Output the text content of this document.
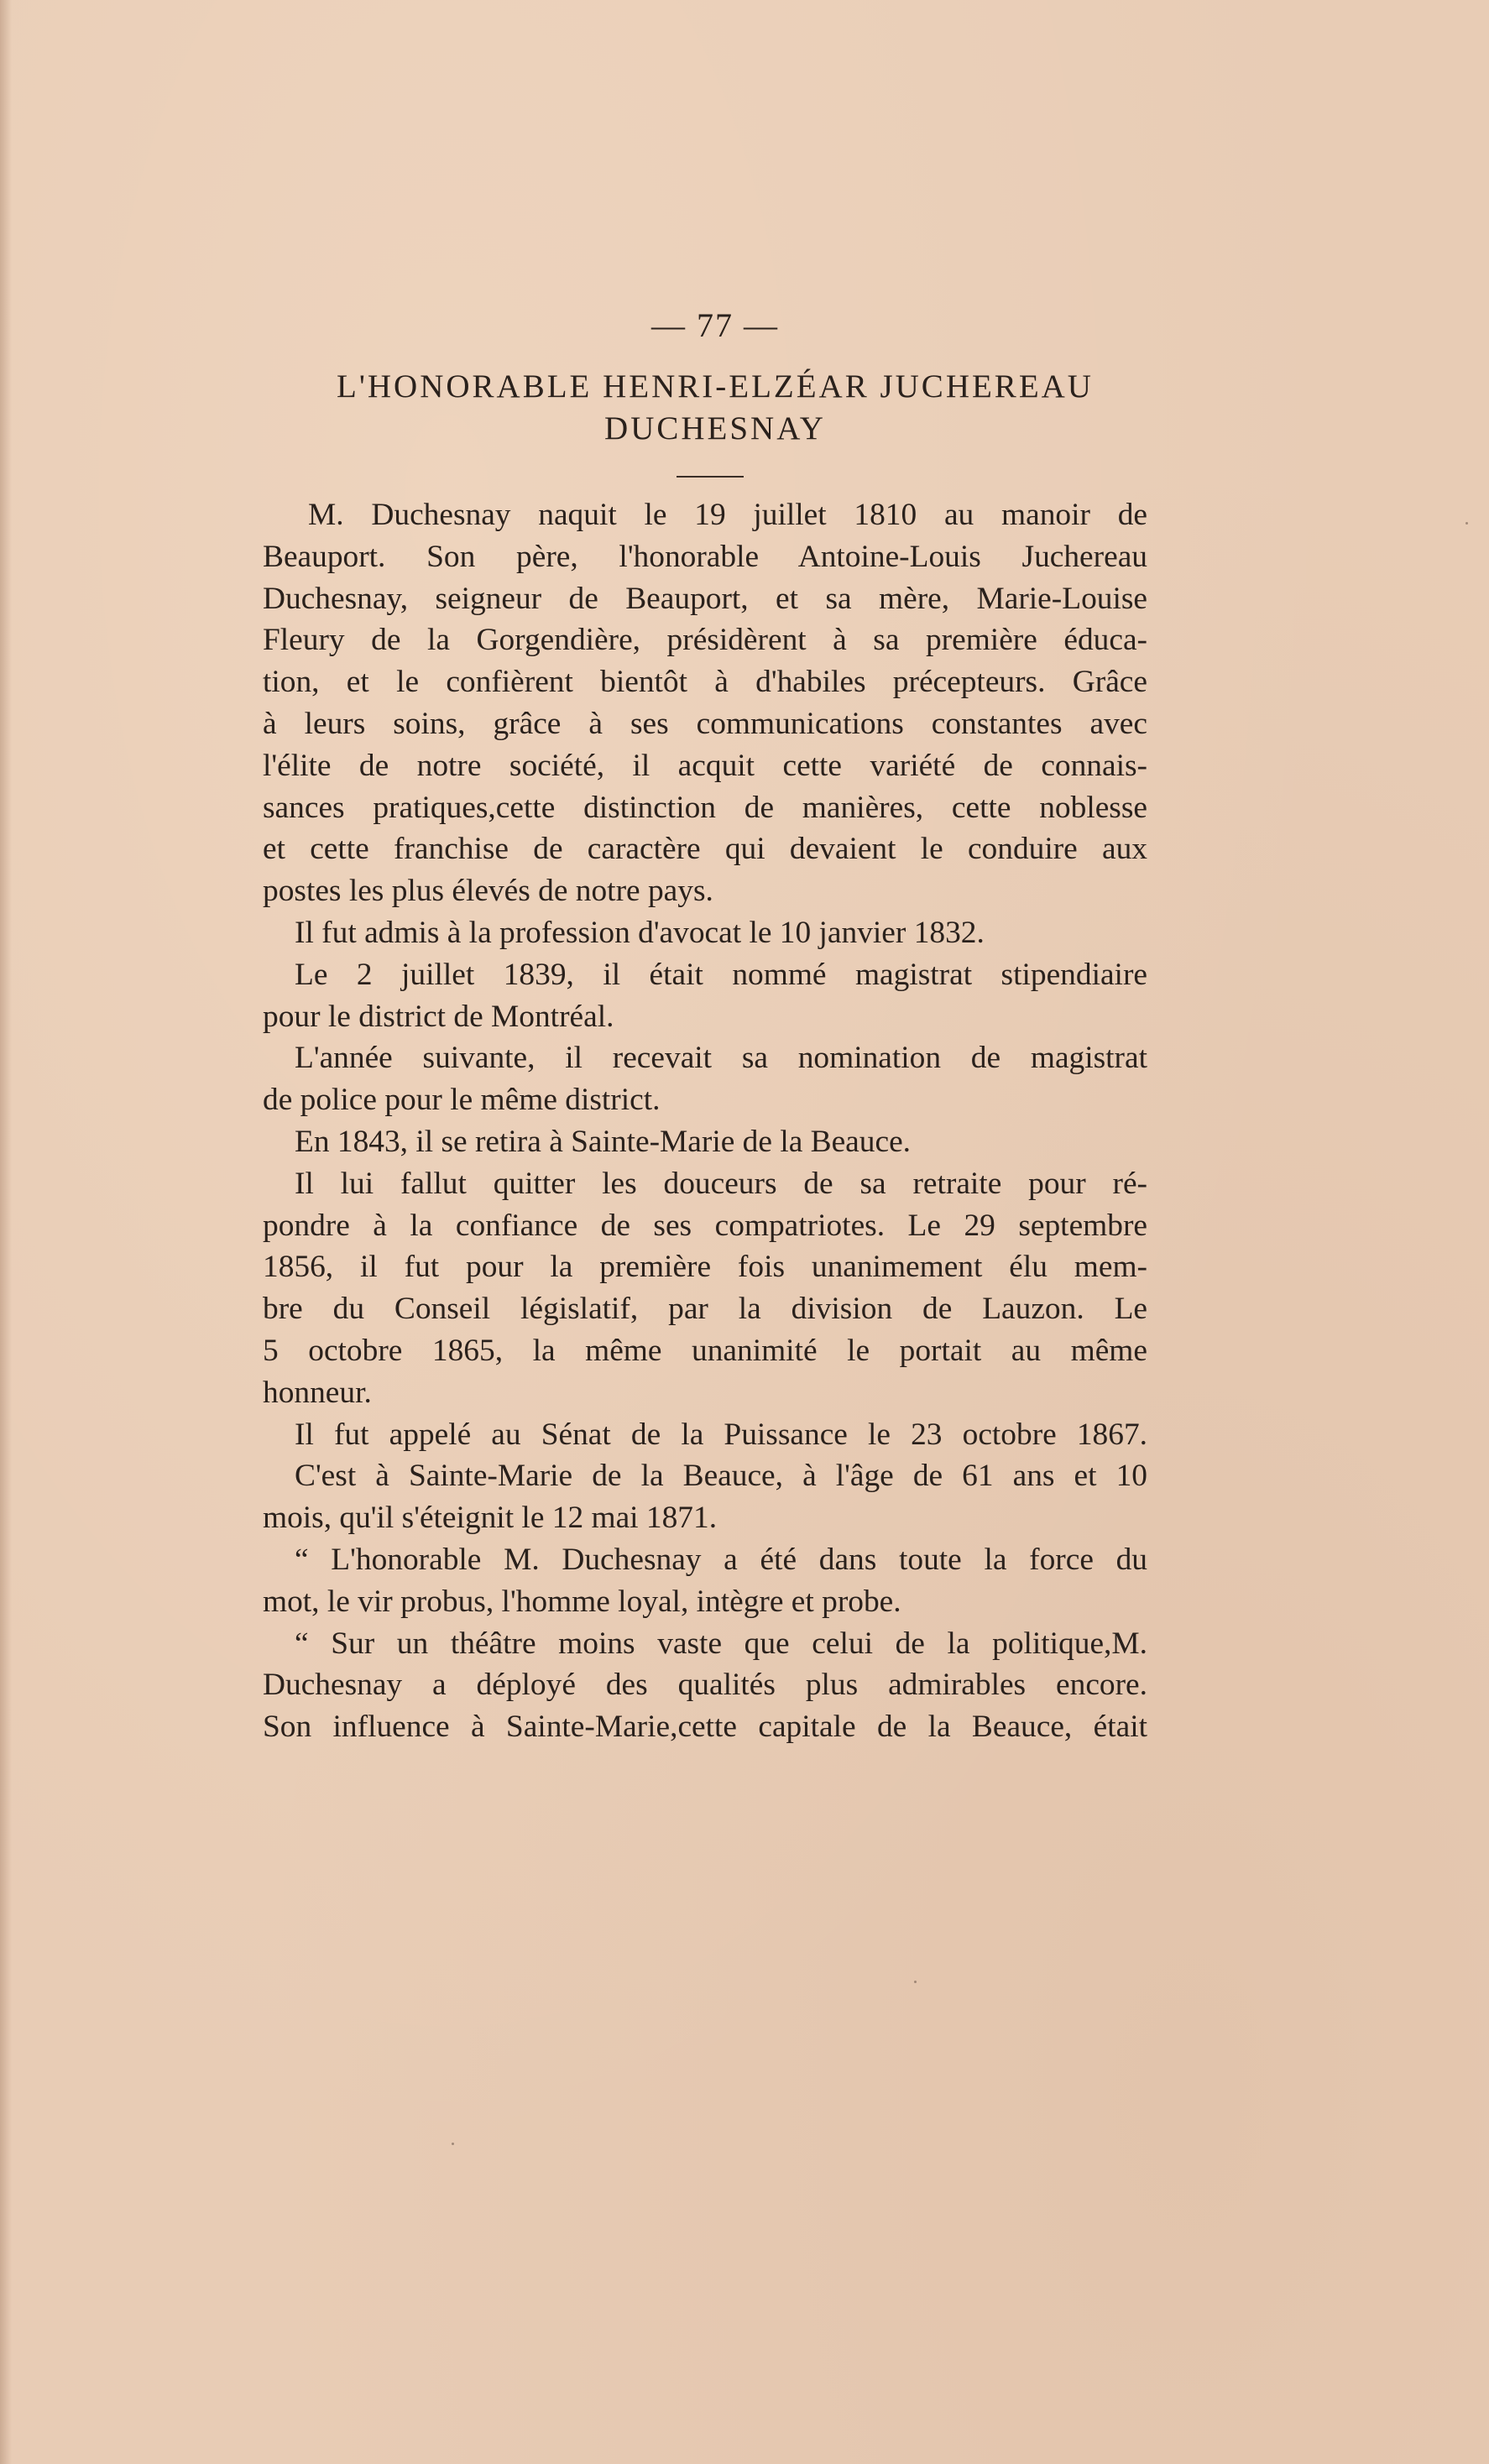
— 77 —
L'HONORABLE HENRI-ELZÉAR JUCHEREAU
DUCHESNAY
M. Duchesnay naquit le 19 juillet 1810 au manoir de
Beauport. Son père, l'honorable Antoine-Louis Juchereau
Duchesnay, seigneur de Beauport, et sa mère, Marie-Louise
Fleury de la Gorgendière, présidèrent à sa première éduca-
tion, et le confièrent bientôt à d'habiles précepteurs. Grâce
à leurs soins, grâce à ses communications constantes avec
l'élite de notre société, il acquit cette variété de connais-
sances pratiques,cette distinction de manières, cette noblesse
et cette franchise de caractère qui devaient le conduire aux
postes les plus élevés de notre pays.
Il fut admis à la profession d'avocat le 10 janvier 1832.
Le 2 juillet 1839, il était nommé magistrat stipendiaire
pour le district de Montréal.
L'année suivante, il recevait sa nomination de magistrat
de police pour le même district.
En 1843, il se retira à Sainte-Marie de la Beauce.
Il lui fallut quitter les douceurs de sa retraite pour ré-
pondre à la confiance de ses compatriotes. Le 29 septembre
1856, il fut pour la première fois unanimement élu mem-
bre du Conseil législatif, par la division de Lauzon. Le
5 octobre 1865, la même unanimité le portait au même
honneur.
Il fut appelé au Sénat de la Puissance le 23 octobre 1867.
C'est à Sainte-Marie de la Beauce, à l'âge de 61 ans et 10
mois, qu'il s'éteignit le 12 mai 1871.
“ L'honorable M. Duchesnay a été dans toute la force du
mot, le vir probus, l'homme loyal, intègre et probe.
“ Sur un théâtre moins vaste que celui de la politique,M.
Duchesnay a déployé des qualités plus admirables encore.
Son influence à Sainte-Marie,cette capitale de la Beauce, était
